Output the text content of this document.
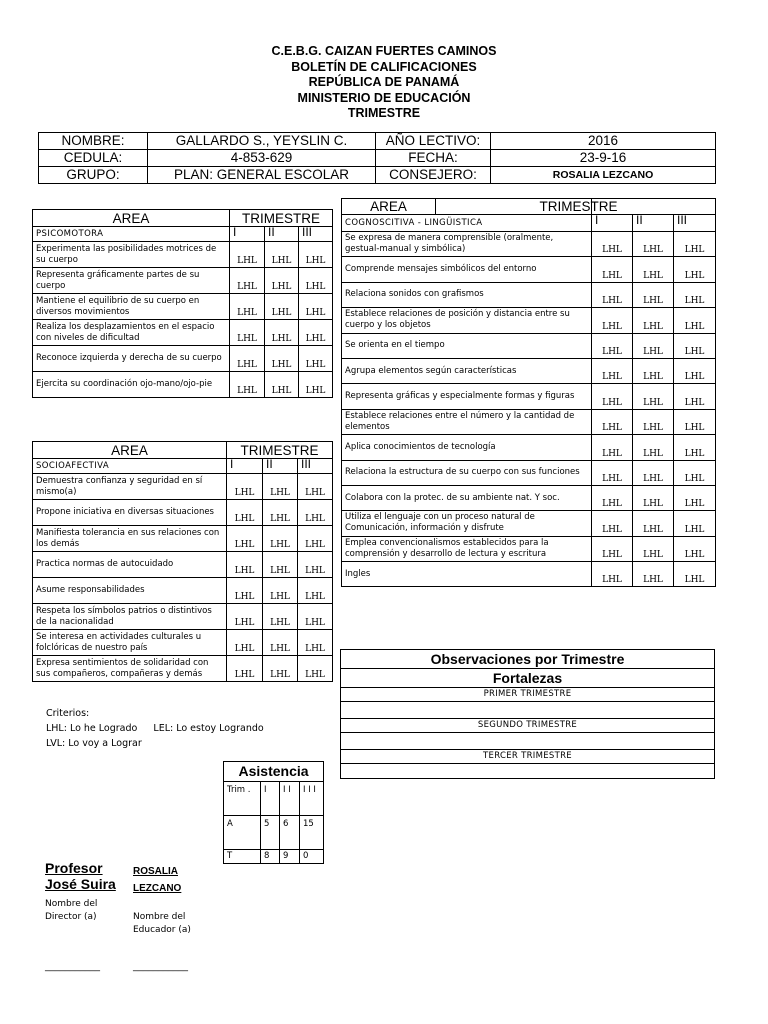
C.E.B.G. CAIZAN FUERTES CAMINOS
BOLETÍN DE CALIFICACIONES
REPÚBLICA DE PANAMÁ
MINISTERIO DE EDUCACIÓN
TRIMESTRE
NOMBRE:	GALLARDO S., YEYSLIN C.	AÑO LECTIVO:	2016
CEDULA:	4-853-629	FECHA:	23-9-16
GRUPO:	PLAN: GENERAL ESCOLAR	CONSEJERO:	ROSALIA LEZCANO
AREA	TRIMESTRE		
PSICOMOTORA	I	II	III
Experimenta las posibilidades motrices de su cuerpo	LHL	LHL	LHL
Representa gráficamente partes de su cuerpo	LHL	LHL	LHL
Mantiene el equilibrio de su cuerpo en diversos movimientos	LHL	LHL	LHL
Realiza los desplazamientos en el espacio con niveles de dificultad	LHL	LHL	LHL
Reconoce izquierda y derecha de su cuerpo	LHL	LHL	LHL
Ejercita su coordinación ojo-mano/ojo-pie	LHL	LHL	LHL
AREA	TRIMESTRE		
SOCIOAFECTIVA	I	II	III
Demuestra confianza y seguridad en sí mismo(a)	LHL	LHL	LHL
Propone iniciativa en diversas situaciones	LHL	LHL	LHL
Manifiesta tolerancia en sus relaciones con los demás	LHL	LHL	LHL
Practica normas de autocuidado	LHL	LHL	LHL
Asume responsabilidades	LHL	LHL	LHL
Respeta los símbolos patrios o distintivos de la nacionalidad	LHL	LHL	LHL
Se interesa en actividades culturales u folclóricas de nuestro país	LHL	LHL	LHL
Expresa sentimientos de solidaridad con sus compañeros, compañeras y demás	LHL	LHL	LHL
AREA	TRIMESTRE		
COGNOSCITIVA - LINGÜISTICA	I	II	III
Se expresa de manera comprensible (oralmente, gestual-manual y simbólica)	LHL	LHL	LHL
Comprende mensajes simbólicos del entorno	LHL	LHL	LHL
Relaciona sonidos con grafismos	LHL	LHL	LHL
Establece relaciones de posición y distancia entre su cuerpo y los objetos	LHL	LHL	LHL
Se orienta en el tiempo	LHL	LHL	LHL
Agrupa elementos según características	LHL	LHL	LHL
Representa gráficas y especialmente formas y figuras	LHL	LHL	LHL
Establece relaciones entre el número y la cantidad de elementos	LHL	LHL	LHL
Aplica conocimientos de tecnología	LHL	LHL	LHL
Relaciona la estructura de su cuerpo con sus funciones	LHL	LHL	LHL
Colabora con la protec. de su ambiente nat. Y soc.	LHL	LHL	LHL
Utiliza el lenguaje con un proceso natural de Comunicación, información y disfrute	LHL	LHL	LHL
Emplea convencionalismos establecidos para la comprensión y desarrollo de lectura y escritura	LHL	LHL	LHL
Ingles	LHL	LHL	LHL
Observaciones por Trimestre
Fortalezas
PRIMER TRIMESTRE

SEGUNDO TRIMESTRE

TERCER TRIMESTRE

Criterios:
LHL: Lo he Logrado LEL: Lo estoy Logrando
LVL: Lo voy a Lograr
Asistencia			
Trim .	I	I I	I I I
A	5	6	15
T	8	9	0
Profesor José Suira
Nombre del Director (a)
___________
ROSALIA LEZCANO
Nombre del Educador (a)
___________
